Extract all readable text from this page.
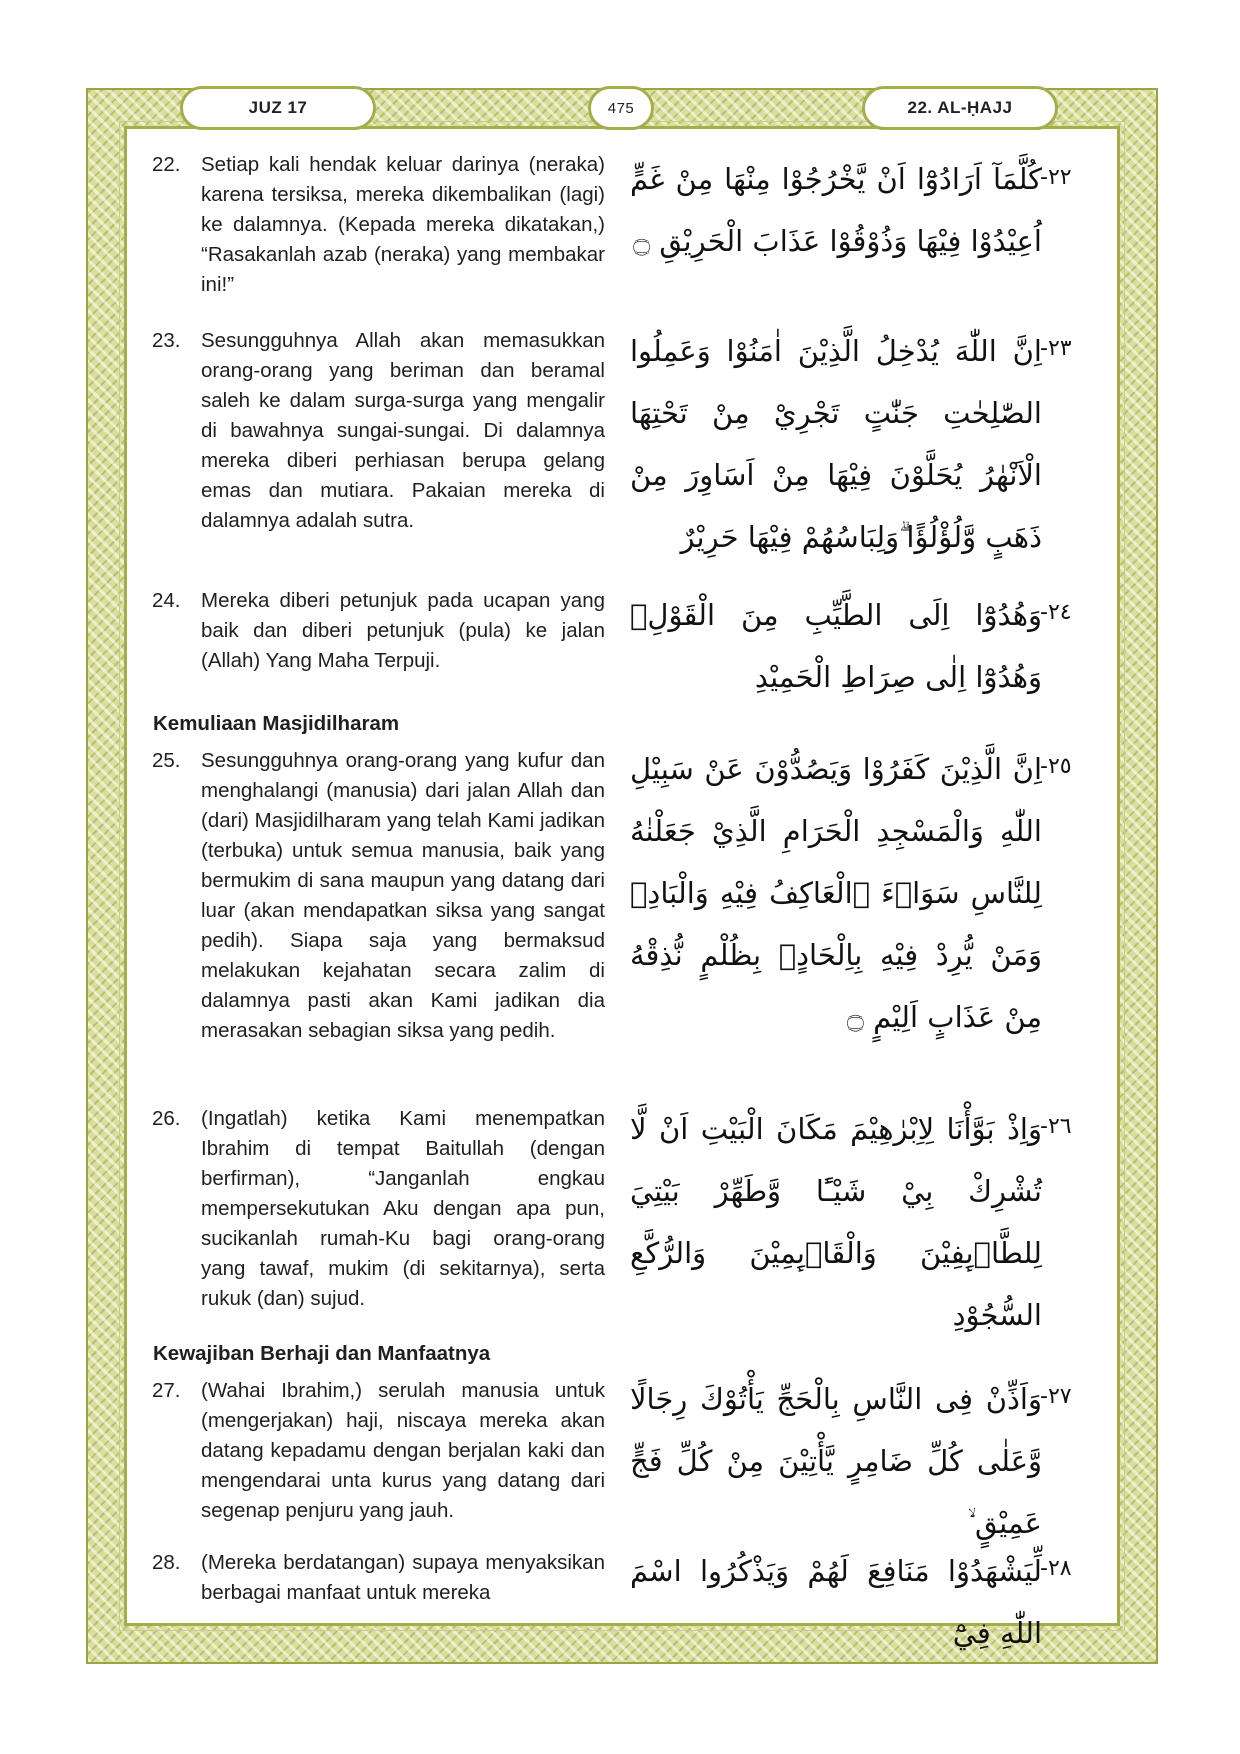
JUZ 17	475	22. AL-ḤAJJ
22. Setiap kali hendak keluar darinya (neraka) karena tersiksa, mereka dikembalikan (lagi) ke dalamnya. (Kepada mereka dikatakan,) “Rasakanlah azab (neraka) yang membakar ini!”
كُلَّمَآ اَرَادُوْٓا اَنْ يَّخْرُجُوْا مِنْهَا مِنْ غَمٍّ اُعِيْدُوْا فِيْهَا وَذُوْقُوْا عَذَابَ الْحَرِيْقِ ۝
-٢٢
23. Sesungguhnya Allah akan memasukkan orang-orang yang beriman dan beramal saleh ke dalam surga-surga yang mengalir di bawahnya sungai-sungai. Di dalamnya mereka diberi perhiasan berupa gelang emas dan mutiara. Pakaian mereka di dalamnya adalah sutra.
اِنَّ اللّٰهَ يُدْخِلُ الَّذِيْنَ اٰمَنُوْا وَعَمِلُوا الصّٰلِحٰتِ جَنّٰتٍ تَجْرِيْ مِنْ تَحْتِهَا الْاَنْهٰرُ يُحَلَّوْنَ فِيْهَا مِنْ اَسَاوِرَ مِنْ ذَهَبٍ وَّلُؤْلُؤًا ۗوَلِبَاسُهُمْ فِيْهَا حَرِيْرٌ
-٢٣
24. Mereka diberi petunjuk pada ucapan yang baik dan diberi petunjuk (pula) ke jalan (Allah) Yang Maha Terpuji.
وَهُدُوْٓا اِلَى الطَّيِّبِ مِنَ الْقَوْلِۚ وَهُدُوْٓا اِلٰى صِرَاطِ الْحَمِيْدِ
-٢٤
Kemuliaan Masjidilharam
25. Sesungguhnya orang-orang yang kufur dan menghalangi (manusia) dari jalan Allah dan (dari) Masjidilharam yang telah Kami jadikan (terbuka) untuk semua manusia, baik yang bermukim di sana maupun yang datang dari luar (akan mendapatkan siksa yang sangat pedih). Siapa saja yang bermaksud melakukan kejahatan secara zalim di dalamnya pasti akan Kami jadikan dia merasakan sebagian siksa yang pedih.
اِنَّ الَّذِيْنَ كَفَرُوْا وَيَصُدُّوْنَ عَنْ سَبِيْلِ اللّٰهِ وَالْمَسْجِدِ الْحَرَامِ الَّذِيْ جَعَلْنٰهُ لِلنَّاسِ سَوَاۤءَ ۨالْعَاكِفُ فِيْهِ وَالْبَادِۗ وَمَنْ يُّرِدْ فِيْهِ بِاِلْحَادٍۢ بِظُلْمٍ نُّذِقْهُ مِنْ عَذَابٍ اَلِيْمٍ ۝
-٢٥
26. (Ingatlah) ketika Kami menempatkan Ibrahim di tempat Baitullah (dengan berfirman), “Janganlah engkau mempersekutukan Aku dengan apa pun, sucikanlah rumah-Ku bagi orang-orang yang tawaf, mukim (di sekitarnya), serta rukuk (dan) sujud.
وَاِذْ بَوَّأْنَا لِاِبْرٰهِيْمَ مَكَانَ الْبَيْتِ اَنْ لَّا تُشْرِكْ بِيْ شَيْـًٔا وَّطَهِّرْ بَيْتِيَ لِلطَّاۤىِٕفِيْنَ وَالْقَاۤىِٕمِيْنَ وَالرُّكَّعِ السُّجُوْدِ
-٢٦
Kewajiban Berhaji dan Manfaatnya
27. (Wahai Ibrahim,) serulah manusia untuk (mengerjakan) haji, niscaya mereka akan datang kepadamu dengan berjalan kaki dan mengendarai unta kurus yang datang dari segenap penjuru yang jauh.
وَاَذِّنْ فِى النَّاسِ بِالْحَجِّ يَأْتُوْكَ رِجَالًا وَّعَلٰى كُلِّ ضَامِرٍ يَّأْتِيْنَ مِنْ كُلِّ فَجٍّ عَمِيْقٍ ۙ
-٢٧
28. (Mereka berdatangan) supaya menyaksikan berbagai manfaat untuk mereka
لِّيَشْهَدُوْا مَنَافِعَ لَهُمْ وَيَذْكُرُوا اسْمَ اللّٰهِ فِيْٓ
-٢٨
